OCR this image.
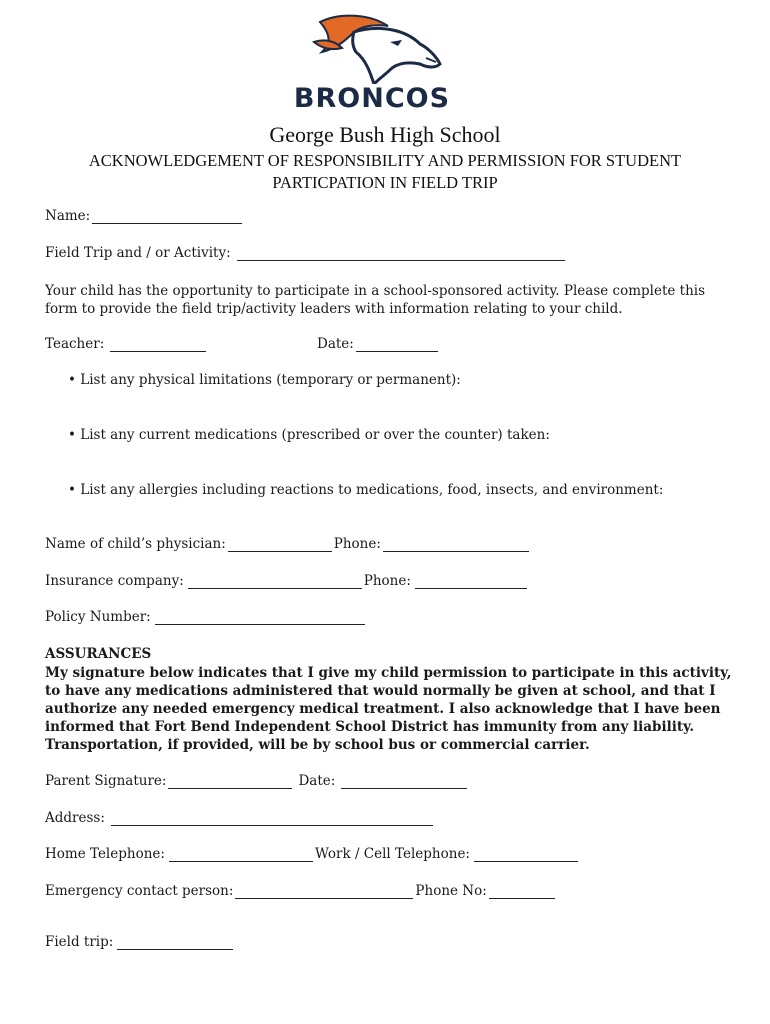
BRONCOS
George Bush High School
ACKNOWLEDGEMENT OF RESPONSIBILITY AND PERMISSION FOR STUDENT PARTICPATION IN FIELD TRIP
Name:
Field Trip and / or Activity:
Your child has the opportunity to participate in a school-sponsored activity. Please complete this form to provide the field trip/activity leaders with information relating to your child.
Teacher:	Date:
• List any physical limitations (temporary or permanent):
• List any current medications (prescribed or over the counter) taken:
• List any allergies including reactions to medications, food, insects, and environment:
Name of child’s physician:	Phone:
Insurance company:	Phone:
Policy Number:
ASSURANCES
My signature below indicates that I give my child permission to participate in this activity, to have any medications administered that would normally be given at school, and that I authorize any needed emergency medical treatment. I also acknowledge that I have been informed that Fort Bend Independent School District has immunity from any liability. Transportation, if provided, will be by school bus or commercial carrier.
Parent Signature:	Date:
Address:
Home Telephone:	Work / Cell Telephone:
Emergency contact person:	Phone No:
Field trip:
